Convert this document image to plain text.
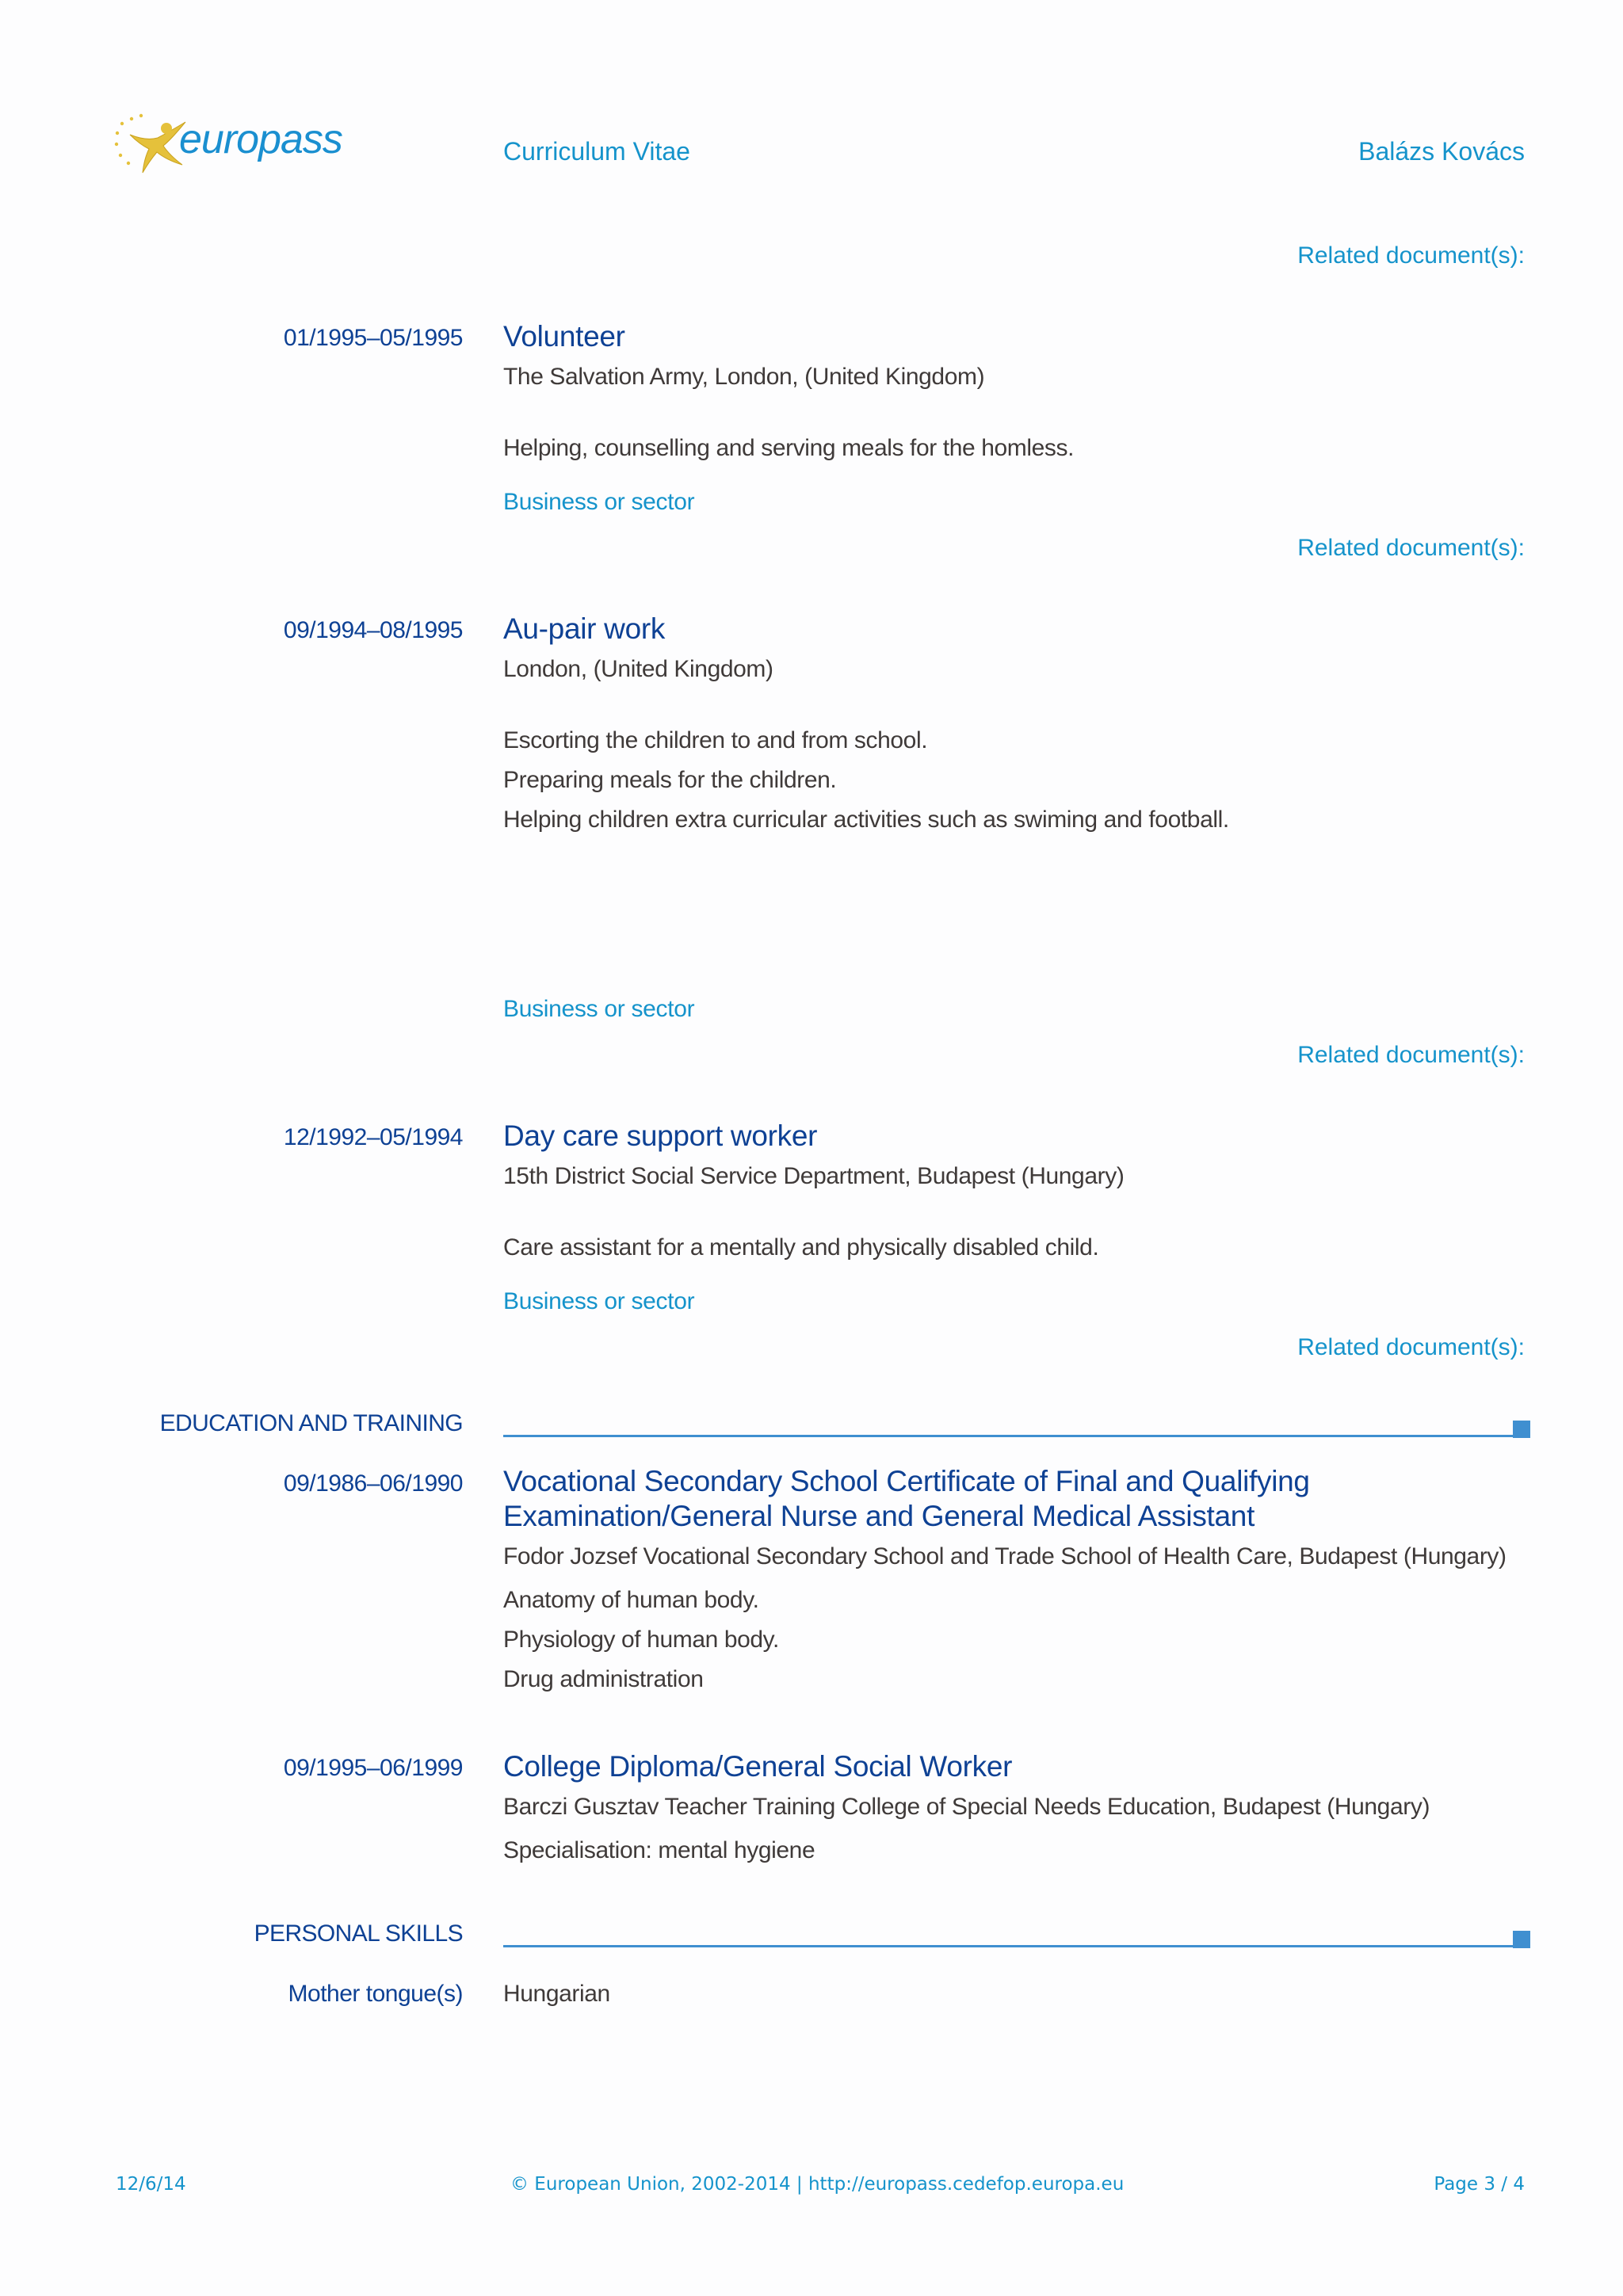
europass	Curriculum Vitae	Balázs Kovács
Related document(s):
01/1995–05/1995 Volunteer
The Salvation Army, London, (United Kingdom)
Helping, counselling and serving meals for the homless.
Business or sector
Related document(s):
09/1994–08/1995 Au-pair work
London, (United Kingdom)
Escorting the children to and from school.
Preparing meals for the children.
Helping children extra curricular activities such as swiming and football.
Business or sector
Related document(s):
12/1992–05/1994 Day care support worker
15th District Social Service Department, Budapest (Hungary)
Care assistant for a mentally and physically disabled child.
Business or sector
Related document(s):
EDUCATION AND TRAINING
09/1986–06/1990 Vocational Secondary School Certificate of Final and Qualifying Examination/General Nurse and General Medical Assistant
Fodor Jozsef Vocational Secondary School and Trade School of Health Care, Budapest (Hungary)
Anatomy of human body.
Physiology of human body.
Drug administration
09/1995–06/1999 College Diploma/General Social Worker
Barczi Gusztav Teacher Training College of Special Needs Education, Budapest (Hungary)
Specialisation: mental hygiene
PERSONAL SKILLS
Mother tongue(s) Hungarian
12/6/14	© European Union, 2002-2014 | http://europass.cedefop.europa.eu	Page 3 / 4
